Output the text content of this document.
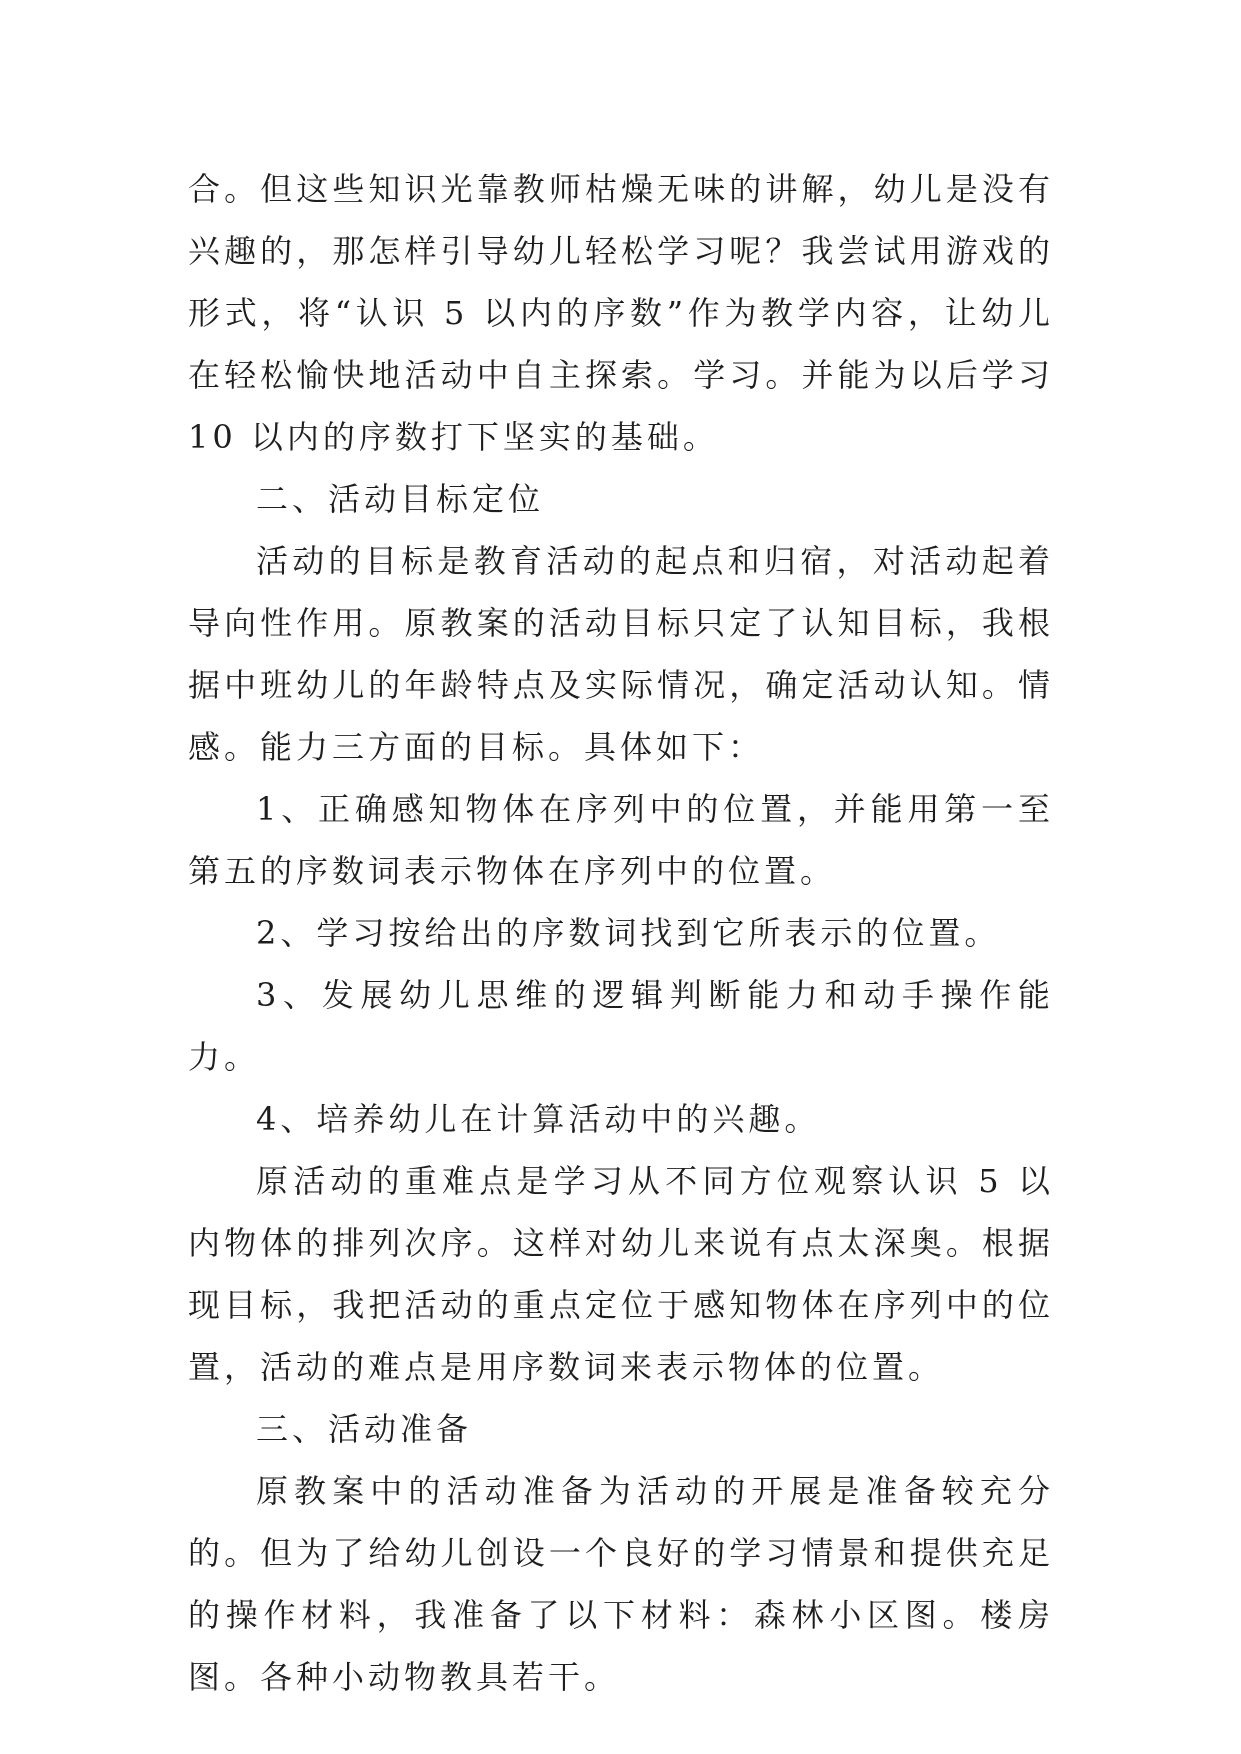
合。但这些知识光靠教师枯燥无味的讲解，幼儿是没有兴趣的，那怎样引导幼儿轻松学习呢？我尝试用游戏的形式，将“认识 5 以内的序数”作为教学内容，让幼儿在轻松愉快地活动中自主探索。学习。并能为以后学习 10 以内的序数打下坚实的基础。

二、活动目标定位

活动的目标是教育活动的起点和归宿，对活动起着导向性作用。原教案的活动目标只定了认知目标，我根据中班幼儿的年龄特点及实际情况，确定活动认知。情感。能力三方面的目标。具体如下：

1、正确感知物体在序列中的位置，并能用第一至第五的序数词表示物体在序列中的位置。

2、学习按给出的序数词找到它所表示的位置。

3、发展幼儿思维的逻辑判断能力和动手操作能力。

4、培养幼儿在计算活动中的兴趣。

原活动的重难点是学习从不同方位观察认识 5 以内物体的排列次序。这样对幼儿来说有点太深奥。根据现目标，我把活动的重点定位于感知物体在序列中的位置，活动的难点是用序数词来表示物体的位置。

三、活动准备

原教案中的活动准备为活动的开展是准备较充分的。但为了给幼儿创设一个良好的学习情景和提供充足的操作材料，我准备了以下材料：森林小区图。楼房图。各种小动物教具若干。
